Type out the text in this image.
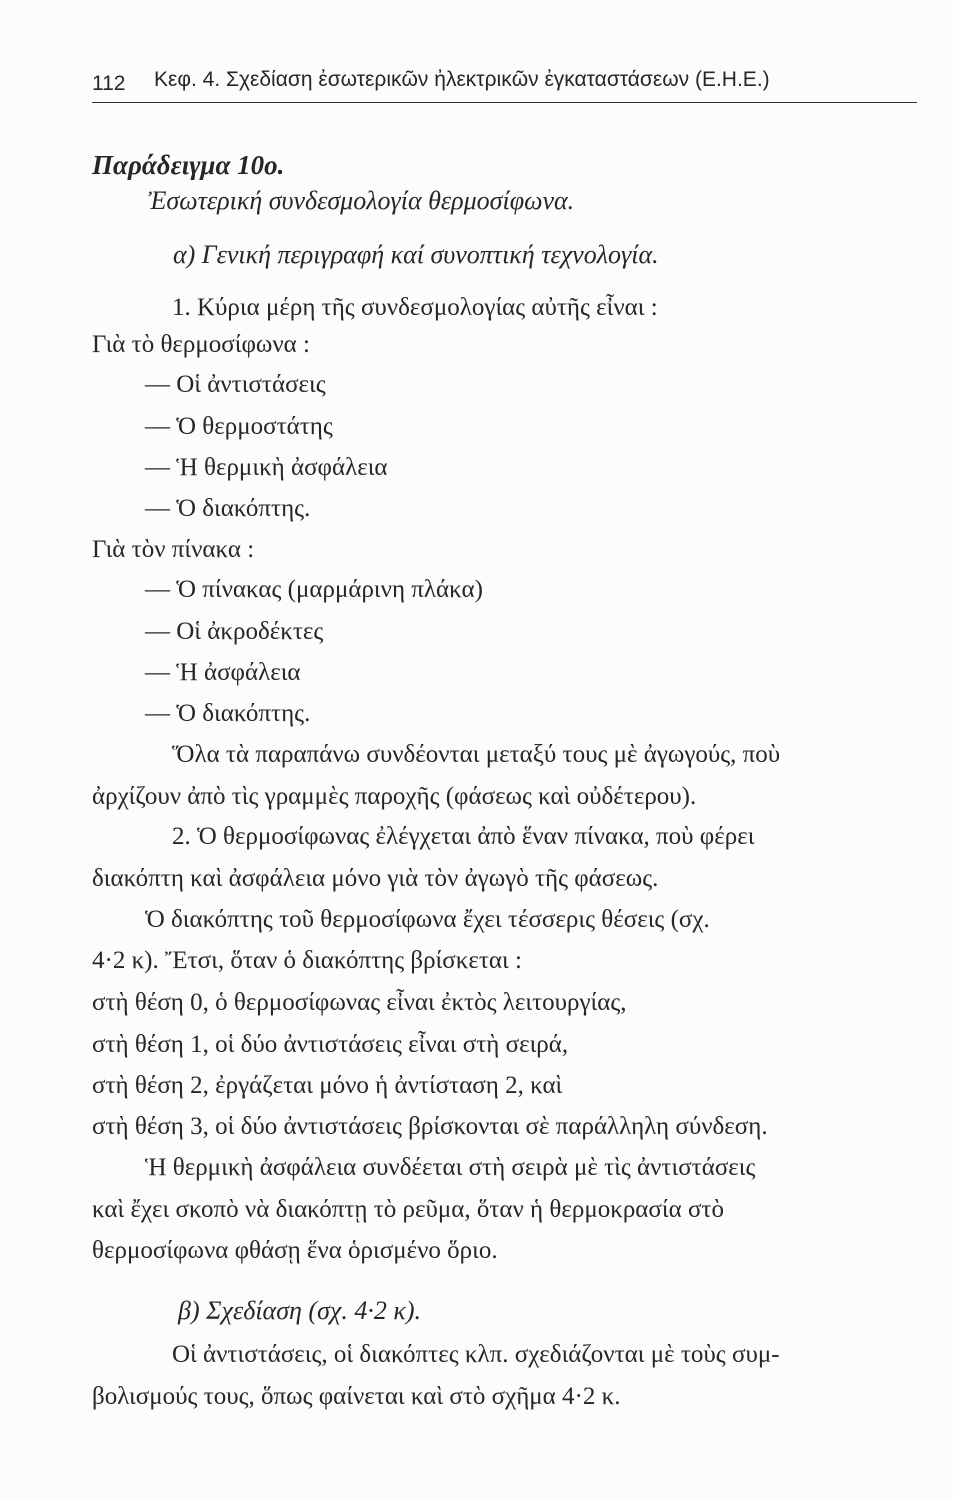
112 Κεφ. 4. Σχεδίαση ἐσωτερικῶν ἠλεκτρικῶν ἐγκαταστάσεων (Ε.Η.Ε.)
Παράδειγμα 10ο.
Ἐσωτερική συνδεσμολογία θερμοσίφωνα.
α) Γενική περιγραφή καί συνοπτική τεχνολογία.
1. Κύρια μέρη τῆς συνδεσμολογίας αὐτῆς εἶναι :
Γιὰ τὸ θερμοσίφωνα :
— Οἱ ἀντιστάσεις
— Ὁ θερμοστάτης
— Ἡ θερμικὴ ἀσφάλεια
— Ὁ διακόπτης.
Γιὰ τὸν πίνακα :
— Ὁ πίνακας (μαρμάρινη πλάκα)
— Οἱ ἀκροδέκτες
— Ἡ ἀσφάλεια
— Ὁ διακόπτης.
Ὅλα τὰ παραπάνω συνδέονται μεταξύ τους μὲ ἀγωγούς, ποὺ
ἀρχίζουν ἀπὸ τὶς γραμμὲς παροχῆς (φάσεως καὶ οὐδέτερου).
2. Ὁ θερμοσίφωνας ἐλέγχεται ἀπὸ ἕναν πίνακα, ποὺ φέρει
διακόπτη καὶ ἀσφάλεια μόνο γιὰ τὸν ἀγωγὸ τῆς φάσεως.
Ὁ διακόπτης τοῦ θερμοσίφωνα ἔχει τέσσερις θέσεις (σχ.
4·2 κ). Ἔτσι, ὅταν ὁ διακόπτης βρίσκεται :
στὴ θέση 0, ὁ θερμοσίφωνας εἶναι ἐκτὸς λειτουργίας,
στὴ θέση 1, οἱ δύο ἀντιστάσεις εἶναι στὴ σειρά,
στὴ θέση 2, ἐργάζεται μόνο ἡ ἀντίσταση 2, καὶ
στὴ θέση 3, οἱ δύο ἀντιστάσεις βρίσκονται σὲ παράλληλη σύνδεση.
Ἡ θερμικὴ ἀσφάλεια συνδέεται στὴ σειρὰ μὲ τὶς ἀντιστάσεις
καὶ ἔχει σκοπὸ νὰ διακόπτῃ τὸ ρεῦμα, ὅταν ἡ θερμοκρασία στὸ
θερμοσίφωνα φθάσῃ ἕνα ὁρισμένο ὅριο.
β) Σχεδίαση (σχ. 4·2 κ).
Οἱ ἀντιστάσεις, οἱ διακόπτες κλπ. σχεδιάζονται μὲ τοὺς συμ-
βολισμούς τους, ὅπως φαίνεται καὶ στὸ σχῆμα 4·2 κ.
